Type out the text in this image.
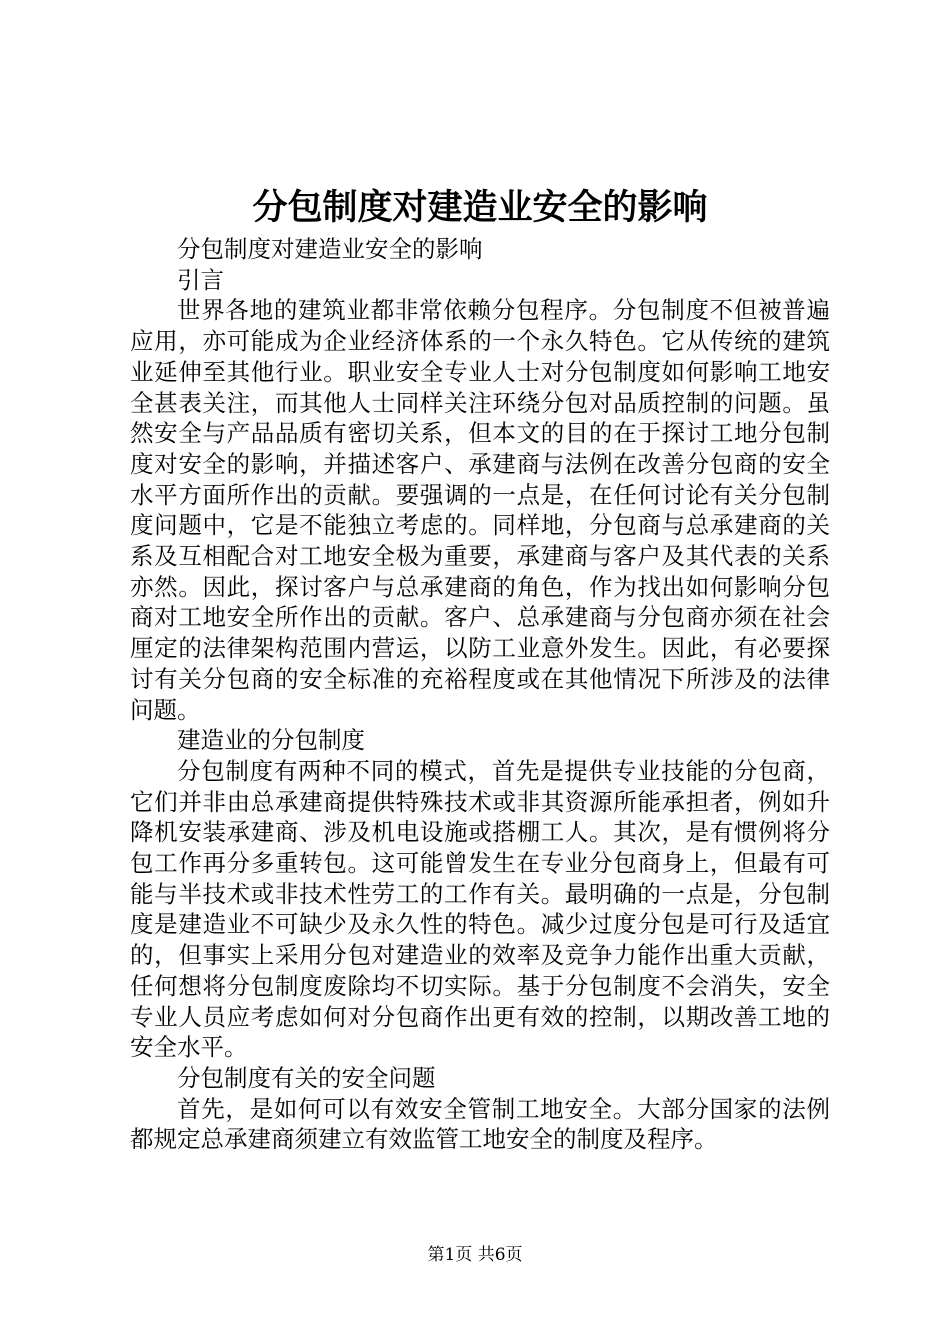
分包制度对建造业安全的影响

分包制度对建造业安全的影响

引言

世界各地的建筑业都非常依赖分包程序。分包制度不但被普遍应用，亦可能成为企业经济体系的一个永久特色。它从传统的建筑业延伸至其他行业。职业安全专业人士对分包制度如何影响工地安全甚表关注，而其他人士同样关注环绕分包对品质控制的问题。虽然安全与产品品质有密切关系，但本文的目的在于探讨工地分包制度对安全的影响，并描述客户、承建商与法例在改善分包商的安全水平方面所作出的贡献。要强调的一点是，在任何讨论有关分包制度问题中，它是不能独立考虑的。同样地，分包商与总承建商的关系及互相配合对工地安全极为重要，承建商与客户及其代表的关系亦然。因此，探讨客户与总承建商的角色，作为找出如何影响分包商对工地安全所作出的贡献。客户、总承建商与分包商亦须在社会厘定的法律架构范围内营运，以防工业意外发生。因此，有必要探讨有关分包商的安全标准的充裕程度或在其他情况下所涉及的法律问题。

建造业的分包制度

分包制度有两种不同的模式，首先是提供专业技能的分包商，它们并非由总承建商提供特殊技术或非其资源所能承担者，例如升降机安装承建商、涉及机电设施或搭棚工人。其次，是有惯例将分包工作再分多重转包。这可能曾发生在专业分包商身上，但最有可能与半技术或非技术性劳工的工作有关。最明确的一点是，分包制度是建造业不可缺少及永久性的特色。减少过度分包是可行及适宜的，但事实上采用分包对建造业的效率及竞争力能作出重大贡献，任何想将分包制度废除均不切实际。基于分包制度不会消失，安全专业人员应考虑如何对分包商作出更有效的控制，以期改善工地的安全水平。

分包制度有关的安全问题

首先，是如何可以有效安全管制工地安全。大部分国家的法例都规定总承建商须建立有效监管工地安全的制度及程序。

第1页 共6页
